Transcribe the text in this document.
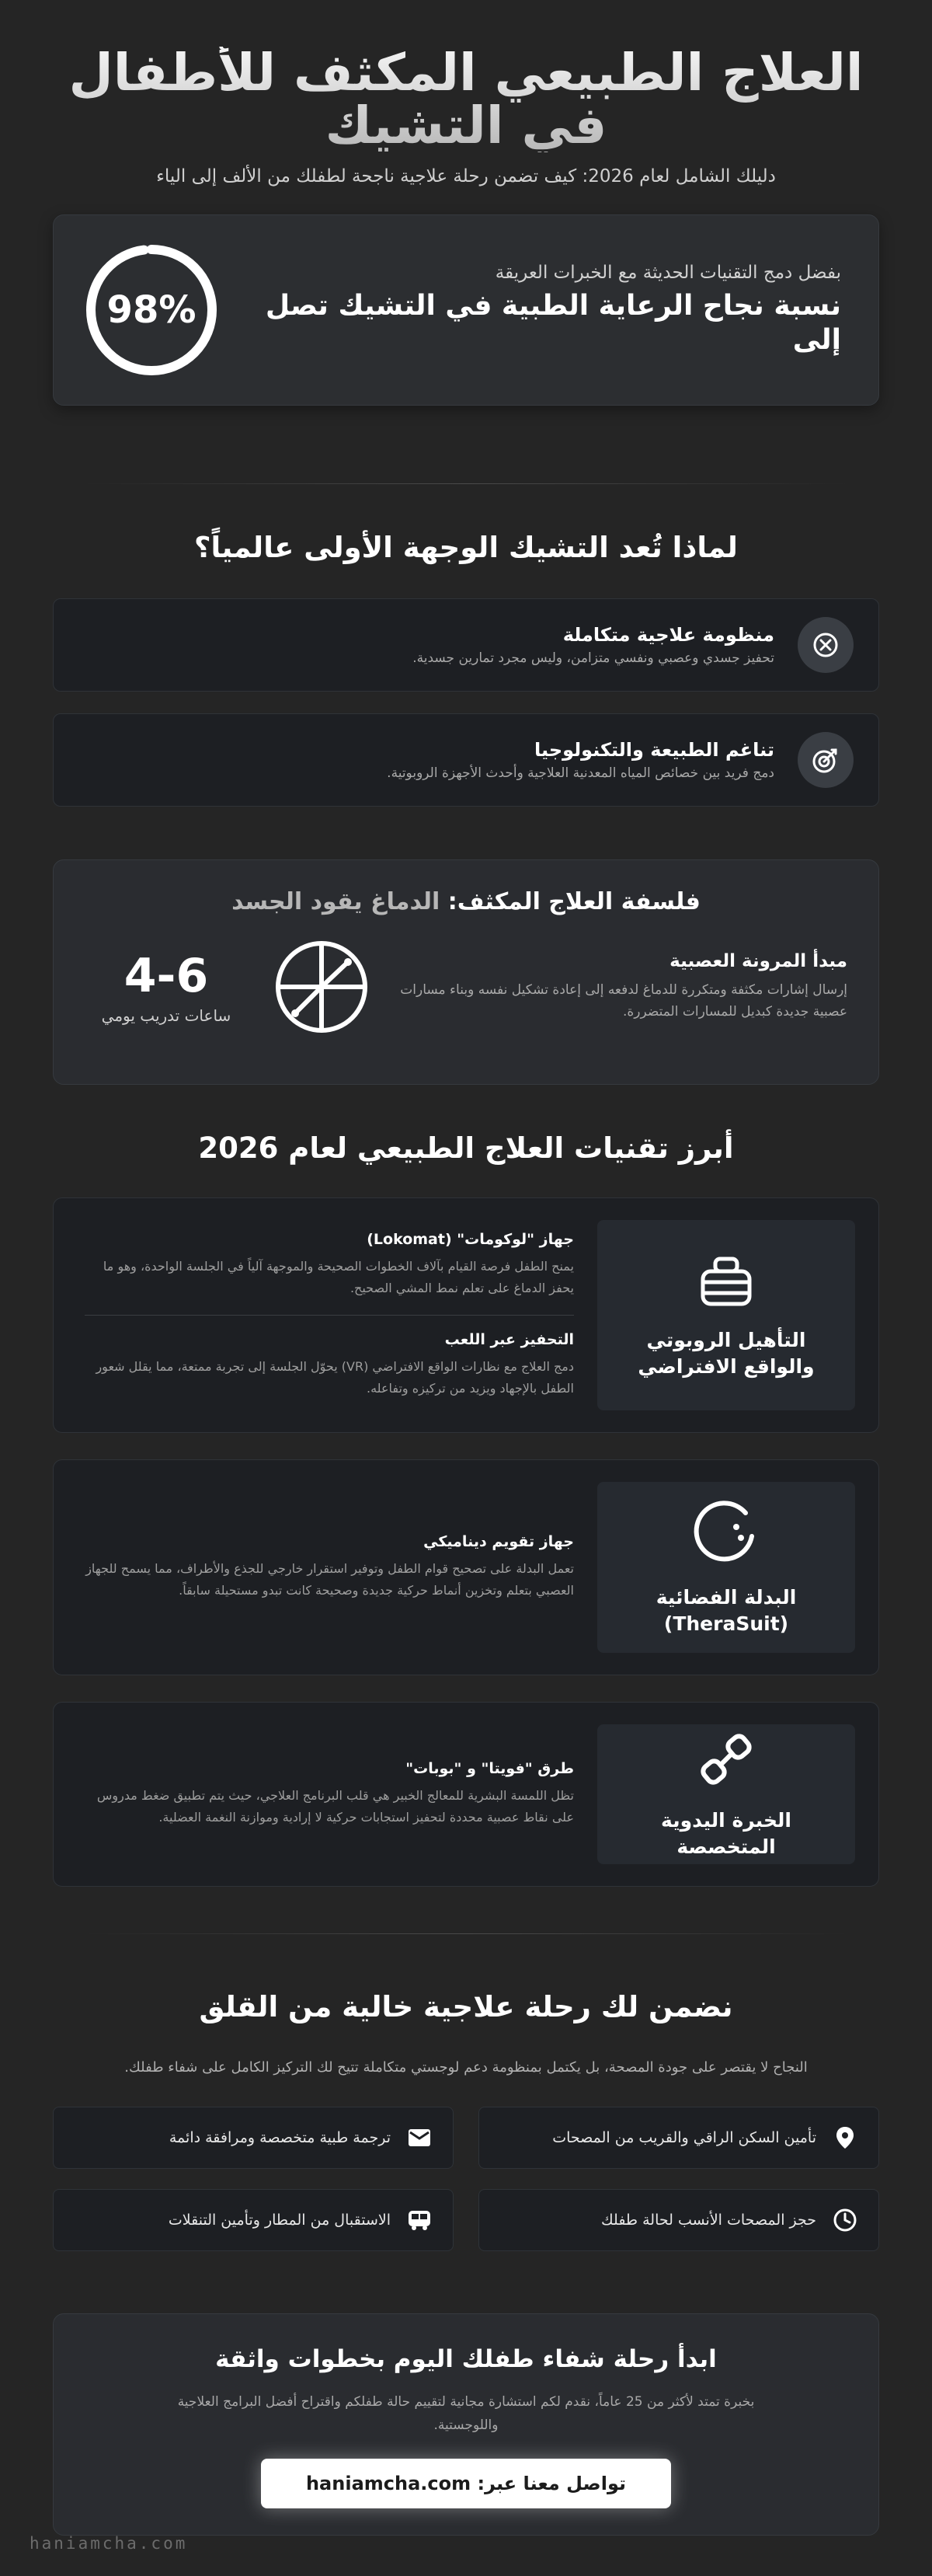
العلاج الطبيعي المكثف للأطفال في التشيك

دليلك الشامل لعام 2026: كيف تضمن رحلة علاجية ناجحة لطفلك من الألف إلى الياء

بفضل دمج التقنيات الحديثة مع الخبرات العريقة
نسبة نجاح الرعاية الطبية في التشيك تصل إلى
98%
لماذا تُعد التشيك الوجهة الأولى عالمياً؟
منظومة علاجية متكاملة
تحفيز جسدي وعصبي ونفسي متزامن، وليس مجرد تمارين جسدية.
تناغم الطبيعة والتكنولوجيا
دمج فريد بين خصائص المياه المعدنية العلاجية وأحدث الأجهزة الروبوتية.
فلسفة العلاج المكثف: الدماغ يقود الجسد
مبدأ المرونة العصبية
إرسال إشارات مكثفة ومتكررة للدماغ لدفعه إلى إعادة تشكيل نفسه وبناء مسارات عصبية جديدة كبديل للمسارات المتضررة.
4-6
ساعات تدريب يومي
أبرز تقنيات العلاج الطبيعي لعام 2026
التأهيل الروبوتي والواقع الافتراضي
جهاز "لوكومات" (Lokomat)
يمنح الطفل فرصة القيام بآلاف الخطوات الصحيحة والموجهة آلياً في الجلسة الواحدة، وهو ما يحفز الدماغ على تعلم نمط المشي الصحيح.
التحفيز عبر اللعب
دمج العلاج مع نظارات الواقع الافتراضي (VR) يحوّل الجلسة إلى تجربة ممتعة، مما يقلل شعور الطفل بالإجهاد ويزيد من تركيزه وتفاعله.
البدلة الفضائية (TheraSuit)
جهاز تقويم ديناميكي
تعمل البدلة على تصحيح قوام الطفل وتوفير استقرار خارجي للجذع والأطراف، مما يسمح للجهاز العصبي بتعلم وتخزين أنماط حركية جديدة وصحيحة كانت تبدو مستحيلة سابقاً.
الخبرة اليدوية المتخصصة
طرق "فويتا" و "بوبات"
تظل اللمسة البشرية للمعالج الخبير هي قلب البرنامج العلاجي، حيث يتم تطبيق ضغط مدروس على نقاط عصبية محددة لتحفيز استجابات حركية لا إرادية وموازنة النغمة العضلية.
نضمن لك رحلة علاجية خالية من القلق

النجاح لا يقتصر على جودة المصحة، بل يكتمل بمنظومة دعم لوجستي متكاملة تتيح لك التركيز الكامل على شفاء طفلك.

تأمين السكن الراقي والقريب من المصحات
ترجمة طبية متخصصة ومرافقة دائمة
حجز المصحات الأنسب لحالة طفلك
الاستقبال من المطار وتأمين التنقلات
ابدأ رحلة شفاء طفلك اليوم بخطوات واثقة
بخبرة تمتد لأكثر من 25 عاماً، نقدم لكم استشارة مجانية لتقييم حالة طفلكم واقتراح أفضل البرامج العلاجية واللوجستية.
تواصل معنا عبر: haniamcha.com
haniamcha.com
